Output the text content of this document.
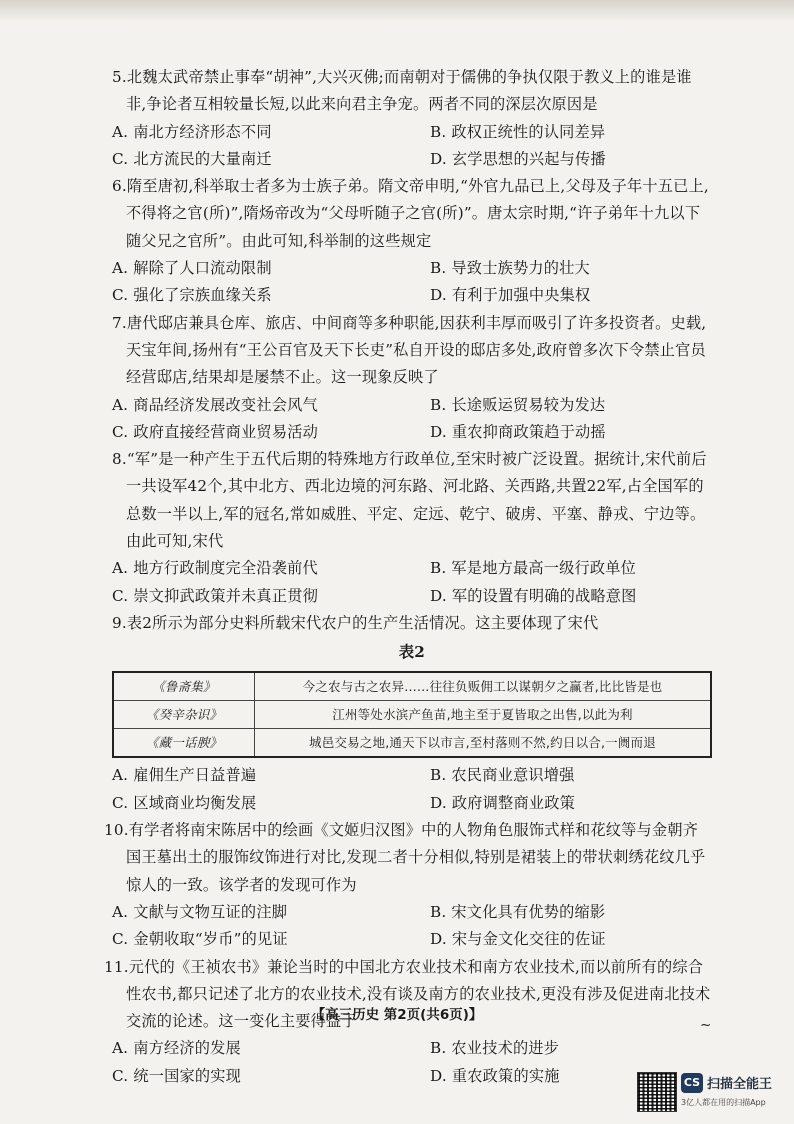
5.北魏太武帝禁止事奉“胡神”,大兴灭佛;而南朝对于儒佛的争执仅限于教义上的谁是谁非,争论者互相较量长短,以此来向君主争宠。两者不同的深层次原因是
A. 南北方经济形态不同	B. 政权正统性的认同差异
C. 北方流民的大量南迁	D. 玄学思想的兴起与传播
6.隋至唐初,科举取士者多为士族子弟。隋文帝申明,“外官九品已上,父母及子年十五已上,不得将之官(所)”,隋炀帝改为“父母听随子之官(所)”。唐太宗时期,“许子弟年十九以下随父兄之官所”。由此可知,科举制的这些规定
A. 解除了人口流动限制	B. 导致士族势力的壮大
C. 强化了宗族血缘关系	D. 有利于加强中央集权
7.唐代邸店兼具仓库、旅店、中间商等多种职能,因获利丰厚而吸引了许多投资者。史载,天宝年间,扬州有“王公百官及天下长吏”私自开设的邸店多处,政府曾多次下令禁止官员经营邸店,结果却是屡禁不止。这一现象反映了
A. 商品经济发展改变社会风气	B. 长途贩运贸易较为发达
C. 政府直接经营商业贸易活动	D. 重农抑商政策趋于动摇
8.“军”是一种产生于五代后期的特殊地方行政单位,至宋时被广泛设置。据统计,宋代前后一共设军42个,其中北方、西北边境的河东路、河北路、关西路,共置22军,占全国军的总数一半以上,军的冠名,常如威胜、平定、定远、乾宁、破虏、平塞、静戎、宁边等。由此可知,宋代
A. 地方行政制度完全沿袭前代	B. 军是地方最高一级行政单位
C. 崇文抑武政策并未真正贯彻	D. 军的设置有明确的战略意图
9.表2所示为部分史料所载宋代农户的生产生活情况。这主要体现了宋代
表2
《鲁斋集》	今之农与古之农异……往往负贩佣工以谋朝夕之赢者,比比皆是也
《癸辛杂识》	江州等处水滨产鱼苗,地主至于夏皆取之出售,以此为利
《藏一话腴》	城邑交易之地,通天下以市言,至村落则不然,约日以合,一阓而退
A. 雇佣生产日益普遍	B. 农民商业意识增强
C. 区域商业均衡发展	D. 政府调整商业政策
10.有学者将南宋陈居中的绘画《文姬归汉图》中的人物角色服饰式样和花纹等与金朝齐国王墓出土的服饰纹饰进行对比,发现二者十分相似,特别是裙装上的带状刺绣花纹几乎惊人的一致。该学者的发现可作为
A. 文献与文物互证的注脚	B. 宋文化具有优势的缩影
C. 金朝收取“岁币”的见证	D. 宋与金文化交往的佐证
11.元代的《王祯农书》兼论当时的中国北方农业技术和南方农业技术,而以前所有的综合性农书,都只记述了北方的农业技术,没有谈及南方的农业技术,更没有涉及促进南北技术交流的论述。这一变化主要得益于
A. 南方经济的发展	B. 农业技术的进步
C. 统一国家的实现	D. 重农政策的实施
【高三历史 第2页(共6页)】
~
CS 扫描全能王
3亿人都在用的扫描App
